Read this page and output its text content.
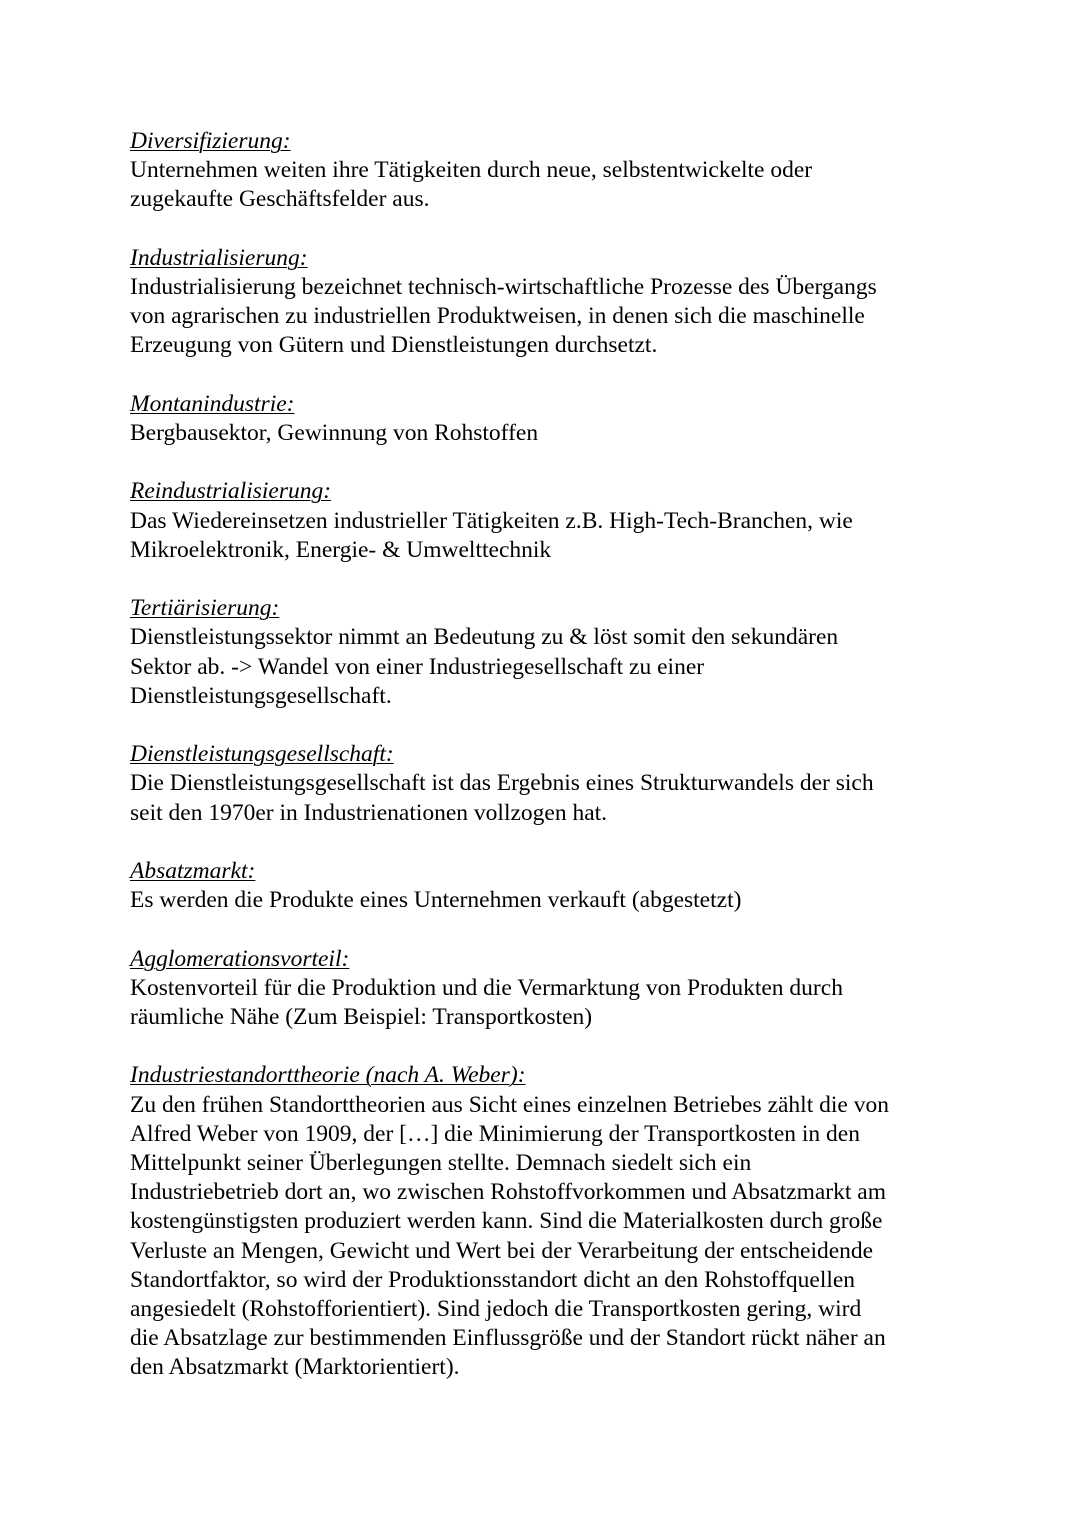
Diversifizierung:

Unternehmen weiten ihre Tätigkeiten durch neue, selbstentwickelte oder
zugekaufte Geschäftsfelder aus.

Industrialisierung:

Industrialisierung bezeichnet technisch-wirtschaftliche Prozesse des Übergangs
von agrarischen zu industriellen Produktweisen, in denen sich die maschinelle
Erzeugung von Gütern und Dienstleistungen durchsetzt.

Montanindustrie:

Bergbausektor, Gewinnung von Rohstoffen

Reindustrialisierung:

Das Wiedereinsetzen industrieller Tätigkeiten z.B. High-Tech-Branchen, wie
Mikroelektronik, Energie- & Umwelttechnik

Tertiärisierung:

Dienstleistungssektor nimmt an Bedeutung zu & löst somit den sekundären
Sektor ab. -> Wandel von einer Industriegesellschaft zu einer
Dienstleistungsgesellschaft.

Dienstleistungsgesellschaft:

Die Dienstleistungsgesellschaft ist das Ergebnis eines Strukturwandels der sich
seit den 1970er in Industrienationen vollzogen hat.

Absatzmarkt:

Es werden die Produkte eines Unternehmen verkauft (abgestetzt)

Agglomerationsvorteil:

Kostenvorteil für die Produktion und die Vermarktung von Produkten durch
räumliche Nähe (Zum Beispiel: Transportkosten)

Industriestandorttheorie (nach A. Weber):

Zu den frühen Standorttheorien aus Sicht eines einzelnen Betriebes zählt die von
Alfred Weber von 1909, der […] die Minimierung der Transportkosten in den
Mittelpunkt seiner Überlegungen stellte. Demnach siedelt sich ein
Industriebetrieb dort an, wo zwischen Rohstoffvorkommen und Absatzmarkt am
kostengünstigsten produziert werden kann. Sind die Materialkosten durch große
Verluste an Mengen, Gewicht und Wert bei der Verarbeitung der entscheidende
Standortfaktor, so wird der Produktionsstandort dicht an den Rohstoffquellen
angesiedelt (Rohstofforientiert). Sind jedoch die Transportkosten gering, wird
die Absatzlage zur bestimmenden Einflussgröße und der Standort rückt näher an
den Absatzmarkt (Marktorientiert).
